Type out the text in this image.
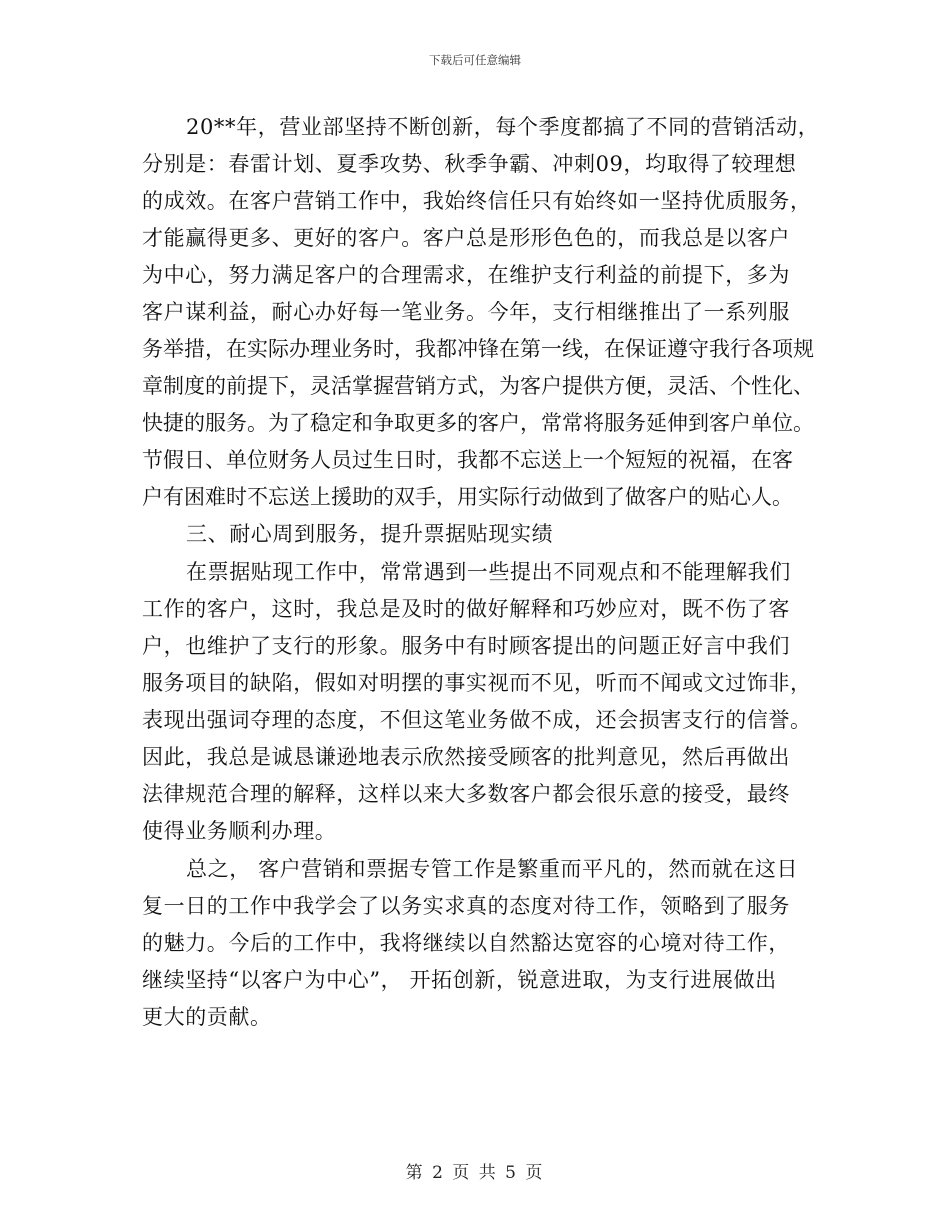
下载后可任意编辑
20**年，营业部坚持不断创新，每个季度都搞了不同的营销活动，
分别是：春雷计划、夏季攻势、秋季争霸、冲刺09，均取得了较理想
的成效。在客户营销工作中，我始终信任只有始终如一坚持优质服务，
才能赢得更多、更好的客户。客户总是形形色色的，而我总是以客户
为中心，努力满足客户的合理需求，在维护支行利益的前提下，多为
客户谋利益，耐心办好每一笔业务。今年，支行相继推出了一系列服
务举措，在实际办理业务时，我都冲锋在第一线，在保证遵守我行各项规
章制度的前提下，灵活掌握营销方式，为客户提供方便，灵活、个性化、
快捷的服务。为了稳定和争取更多的客户，常常将服务延伸到客户单位。
节假日、单位财务人员过生日时，我都不忘送上一个短短的祝福，在客
户有困难时不忘送上援助的双手，用实际行动做到了做客户的贴心人。
三、耐心周到服务，提升票据贴现实绩
在票据贴现工作中，常常遇到一些提出不同观点和不能理解我们
工作的客户，这时，我总是及时的做好解释和巧妙应对，既不伤了客
户，也维护了支行的形象。服务中有时顾客提出的问题正好言中我们
服务项目的缺陷，假如对明摆的事实视而不见，听而不闻或文过饰非，
表现出强词夺理的态度，不但这笔业务做不成，还会损害支行的信誉。
因此，我总是诚恳谦逊地表示欣然接受顾客的批判意见，然后再做出
法律规范合理的解释，这样以来大多数客户都会很乐意的接受，最终
使得业务顺利办理。
总之， 客户营销和票据专管工作是繁重而平凡的，然而就在这日
复一日的工作中我学会了以务实求真的态度对待工作，领略到了服务
的魅力。今后的工作中，我将继续以自然豁达宽容的心境对待工作，
继续坚持“以客户为中心”， 开拓创新，锐意进取，为支行进展做出
更大的贡献。
第 2 页 共 5 页
